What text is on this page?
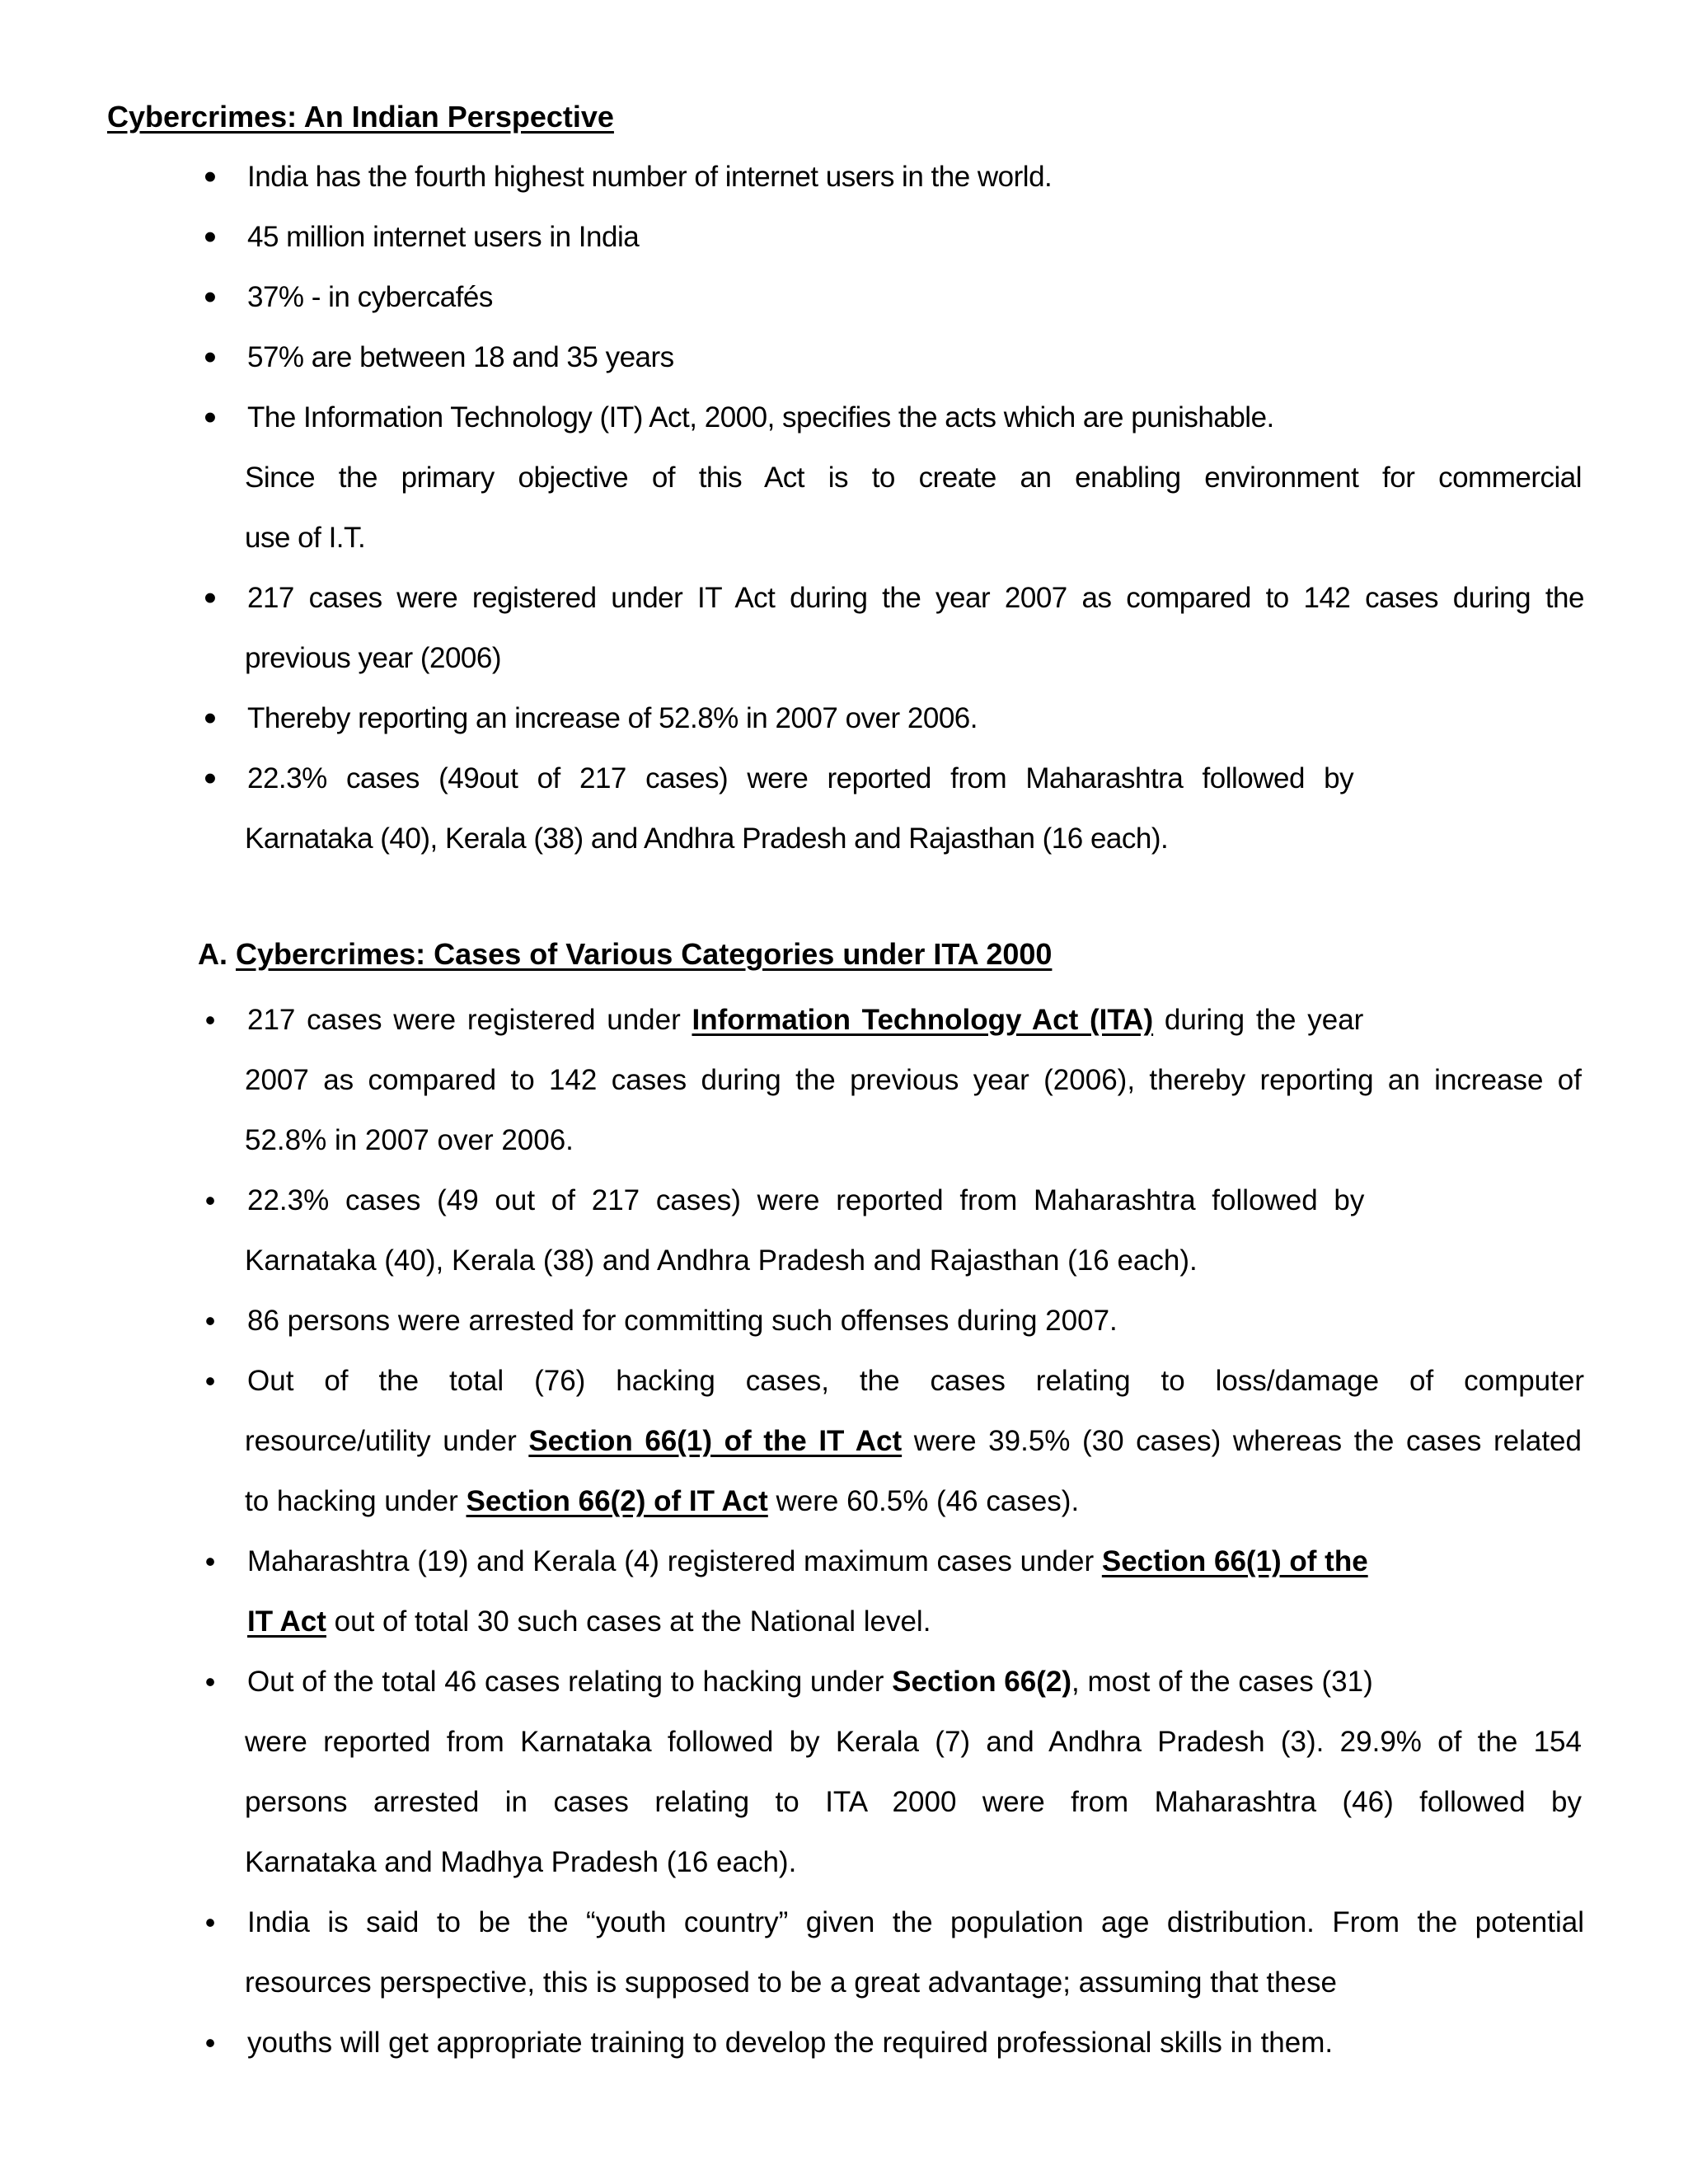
Cybercrimes: An Indian Perspective
• India has the fourth highest number of internet users in the world.
• 45 million internet users in India
• 37% - in cybercafés
• 57% are between 18 and 35 years
• The Information Technology (IT) Act, 2000, specifies the acts which are punishable.
Since the primary objective of this Act is to create an enabling environment for commercial
use of I.T.
• 217 cases were registered under IT Act during the year 2007 as compared to 142 cases during the
previous year (2006)
• Thereby reporting an increase of 52.8% in 2007 over 2006.
• 22.3% cases (49out of 217 cases) were reported from Maharashtra followed by
Karnataka (40), Kerala (38) and Andhra Pradesh and Rajasthan (16 each).
A. Cybercrimes: Cases of Various Categories under ITA 2000
• 217 cases were registered under Information Technology Act (ITA) during the year
2007 as compared to 142 cases during the previous year (2006), thereby reporting an increase of
52.8% in 2007 over 2006.
• 22.3% cases (49 out of 217 cases) were reported from Maharashtra followed by
Karnataka (40), Kerala (38) and Andhra Pradesh and Rajasthan (16 each).
• 86 persons were arrested for committing such offenses during 2007.
• Out of the total (76) hacking cases, the cases relating to loss/damage of computer
resource/utility under Section 66(1) of the IT Act were 39.5% (30 cases) whereas the cases related
to hacking under Section 66(2) of IT Act were 60.5% (46 cases).
• Maharashtra (19) and Kerala (4) registered maximum cases under Section 66(1) of the
IT Act out of total 30 such cases at the National level.
• Out of the total 46 cases relating to hacking under Section 66(2), most of the cases (31)
were reported from Karnataka followed by Kerala (7) and Andhra Pradesh (3). 29.9% of the 154
persons arrested in cases relating to ITA 2000 were from Maharashtra (46) followed by
Karnataka and Madhya Pradesh (16 each).
• India is said to be the “youth country” given the population age distribution. From the potential
resources perspective, this is supposed to be a great advantage; assuming that these
• youths will get appropriate training to develop the required professional skills in them.
